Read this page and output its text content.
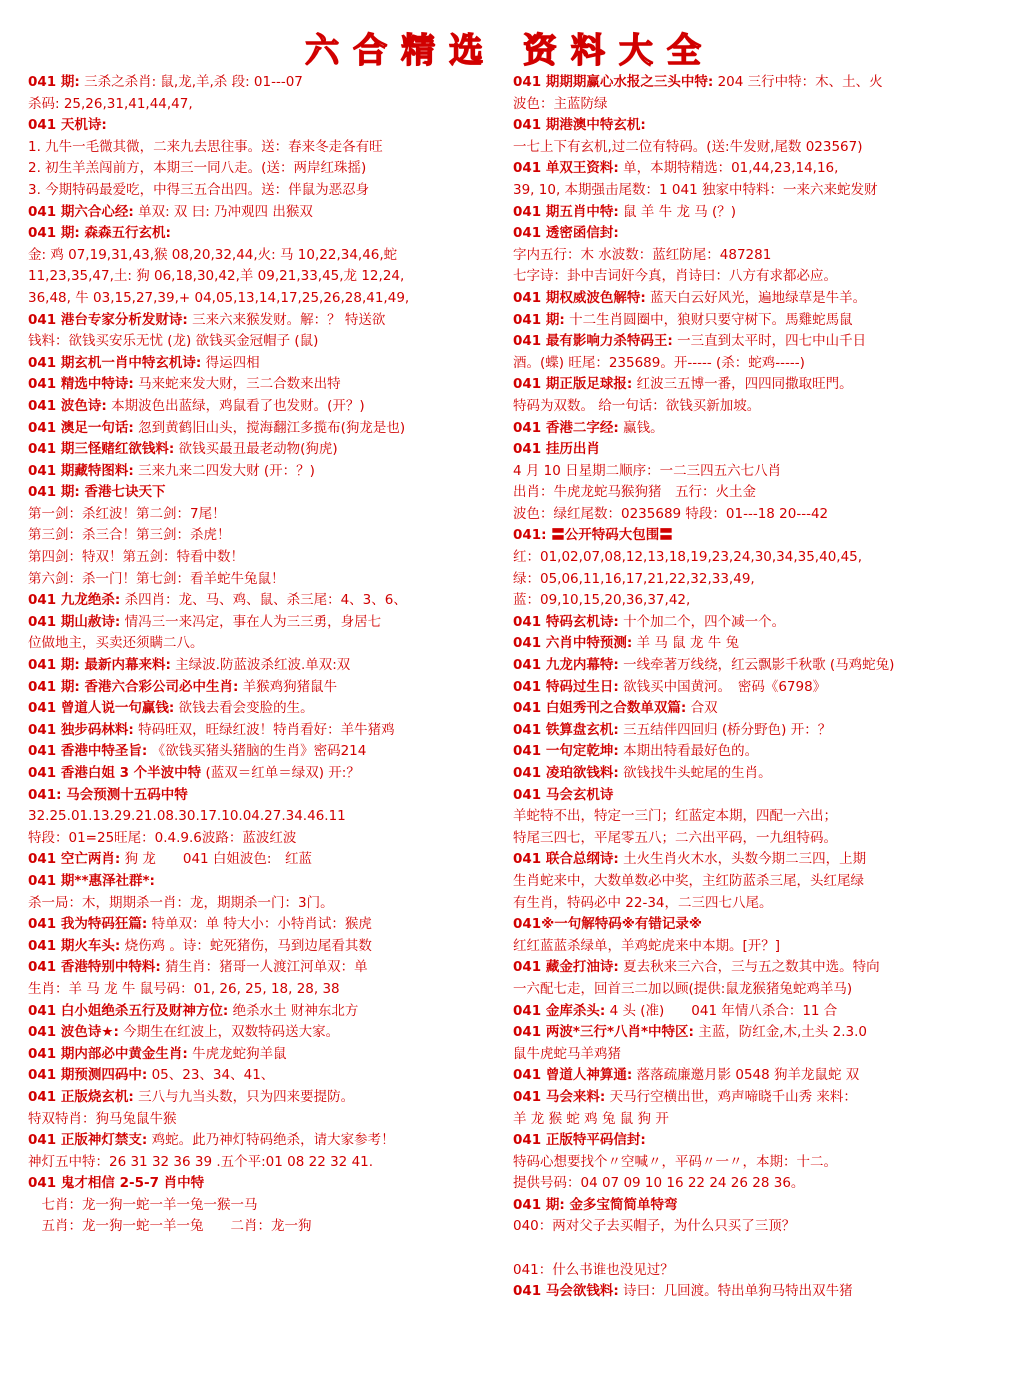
六合精选 资料大全
041 期: 三杀之杀肖: 鼠,龙,羊,杀 段: 01---07
杀码: 25,26,31,41,44,47,
041 天机诗:
1. 九牛一毛微其微，二来九去思往事。送：春来冬走各有旺
2. 初生羊羔闯前方，本期三一同八走。(送：两岸红珠摇)
3. 今期特码最爱吃，中得三五合出四。送：伴鼠为恶忍身
041 期六合心经: 单双: 双 曰: 乃冲观四 出猴双
041 期: 森森五行玄机:
金: 鸡 07,19,31,43,猴 08,20,32,44,火: 马 10,22,34,46,蛇
11,23,35,47,土: 狗 06,18,30,42,羊 09,21,33,45,龙 12,24,
36,48, 牛 03,15,27,39,+ 04,05,13,14,17,25,26,28,41,49,
041 港台专家分析发财诗: 三来六来猴发财。解：？ 特送欲
钱料：欲钱买安乐无忧 (龙) 欲钱买金冠帽子 (鼠)
041 期玄机一肖中特玄机诗: 得运四相
041 精选中特诗: 马来蛇来发大财，三二合数来出特
041 波色诗: 本期波色出蓝绿，鸡鼠看了也发财。(开？)
041 澳足一句话: 忽到黄鹤旧山头，搅海翻江多揽布(狗龙是也)
041 期三怪赌红欲钱料: 欲钱买最丑最老动物(狗虎)
041 期藏特图料: 三来九来二四发大财 (开：？)
041 期: 香港七诀天下
第一剑：杀红波！第二剑：7尾！
第三剑：杀三合！第三剑：杀虎！
第四剑：特双！第五剑：特看中数！
第六剑：杀一门！第七剑：看羊蛇牛兔鼠！
041 九龙绝杀: 杀四肖：龙、马、鸡、鼠、杀三尾：4、3、6、
041 期山赦诗: 情冯三一来冯定，事在人为三三勇，身居七
位做地主，买卖还须瞒二八。
041 期: 最新内幕来料: 主绿波.防蓝波杀红波.单双:双
041 期: 香港六合彩公司必中生肖: 羊猴鸡狗猪鼠牛
041 曾道人说一句赢钱: 欲钱去看会变脸的生。
041 独步码林料: 特码旺双，旺绿红波！特肖看好：羊牛猪鸡
041 香港中特圣旨: 《欲钱买猪头猪脑的生肖》密码214
041 香港白姐 3 个半波中特 (蓝双＝红单＝绿双) 开:？
041: 马会预测十五码中特
32.25.01.13.29.21.08.30.17.10.04.27.34.46.11
特段：01=25旺尾：0.4.9.6波路：蓝波红波
041 空亡两肖: 狗 龙　　041 白姐波色:　红蓝
041 期**惠泽社群*:
杀一局：木，期期杀一肖：龙，期期杀一门：3门。
041 我为特码狂篇: 特单双：单 特大小：小特肖试：猴虎
041 期火车头: 烧伤鸡 。诗：蛇死猪伤，马到边尾看其数
041 香港特别中特料: 猜生肖：猪哥一人渡江河单双：单
生肖：羊 马 龙 牛 鼠号码：01, 26, 25, 18, 28, 38
041 白小姐绝杀五行及财神方位: 绝杀水土 财神东北方
041 波色诗★: 今期生在红波上，双数特码送大家。
041 期内部必中黄金生肖: 牛虎龙蛇狗羊鼠
041 期预测四码中: 05、23、34、41、
041 正版烧玄机: 三八与九当头数，只为四来要提防。
特双特肖：狗马兔鼠牛猴
041 正版神灯禁支: 鸡蛇。此乃神灯特码绝杀，请大家参考！
神灯五中特：26 31 32 36 39 .五个平:01 08 22 32 41.
041 鬼才相信 2-5-7 肖中特
　七肖：龙一狗一蛇一羊一兔一猴一马
　五肖：龙一狗一蛇一羊一兔　　二肖：龙一狗
041 期期期赢心水报之三头中特: 204 三行中特：木、土、火
波色：主蓝防绿
041 期港澳中特玄机:
一七上下有玄机,过二位有特码。(送:牛发财,尾数 023567)
041 单双王资料: 单，本期特精选：01,44,23,14,16,
39, 10, 本期强击尾数：1 041 独家中特料：一来六来蛇发财
041 期五肖中特: 鼠 羊 牛 龙 马 (？)
041 透密函信封:
字内五行：木 水波数：蓝红防尾：487281
七字诗：卦中吉词奸今真，肖诗曰：八方有求都必应。
041 期权威波色解特: 蓝天白云好风光，遍地绿草是牛羊。
041 期: 十二生肖圆圈中，狼财只要守树下。馬雞蛇馬鼠
041 最有影响力杀特码王: 一三直到太平时，四七中山千日
酒。(蝶) 旺尾：235689。开----- (杀：蛇鸡-----)
041 期正版足球报: 红波三五博一番，四四同撒取旺門。
特码为双数。 给一句话：欲钱买新加坡。
041 香港二字经: 赢钱。
041 挂历出肖
4 月 10 日星期二顺序：一二三四五六七八肖
出肖：牛虎龙蛇马猴狗猪　五行：火土金
波色：绿红尾数：0235689 特段：01---18 20---42
041: 〓公开特码大包围〓
红：01,02,07,08,12,13,18,19,23,24,30,34,35,40,45,
绿：05,06,11,16,17,21,22,32,33,49,
蓝：09,10,15,20,36,37,42,
041 特码玄机诗: 十个加二个，四个减一个。
041 六肖中特预测: 羊 马 鼠 龙 牛 兔
041 九龙内幕特: 一线牵著万线绕，红云飘影千秋歌 (马鸡蛇兔)
041 特码过生日: 欲钱买中国黄河。　密码《6798》
041 白姐秀刊之合数单双篇: 合双
041 铁算盘玄机: 三五结伴四回归 (桥分野色) 开：？
041 一句定乾坤: 本期出特看最好色的。
041 凌珀欲钱料: 欲钱找牛头蛇尾的生肖。
041 马会玄机诗
羊蛇特不出，特定一三门；红蓝定本期，四配一六出；
特尾三四七，平尾零五八；二六出平码，一九组特码。
041 联合总纲诗: 土火生肖火木水，头数今期二三四，上期
生肖蛇来中，大数单数必中奖，主红防蓝杀三尾，头红尾绿
有生肖，特码必中 22-34，二三四七八尾。
041※一句解特码※有错记录※
红红蓝蓝杀绿单，羊鸡蛇虎来中本期。[开？]
041 藏金打油诗: 夏去秋来三六合，三与五之数其中选。特向
一六配七走，回首三二加以顾(提供:鼠龙猴猪兔蛇鸡羊马)
041 金库杀头: 4 头 (准)　　041 年情八杀合：11 合
041 两波*三行*八肖*中特区: 主蓝，防红金,木,土头 2.3.0
鼠牛虎蛇马羊鸡猪
041 曾道人神算通: 落落疏廉邀月影 0548 狗羊龙鼠蛇 双
041 马会来料: 天马行空横出世，鸡声啼晓千山秀 来料：
羊 龙 猴 蛇 鸡 兔 鼠 狗 开
041 正版特平码信封:
特码心想要找个〃空喊〃，平码〃一〃，本期：十二。
提供号码：04 07 09 10 16 22 24 26 28 36。
041 期: 金多宝简简单特弯
040：两对父子去买帽子，为什么只买了三顶？
041：什么书谁也没见过？
041 马会欲钱料: 诗曰：几回渡。特出单狗马特出双牛猪
